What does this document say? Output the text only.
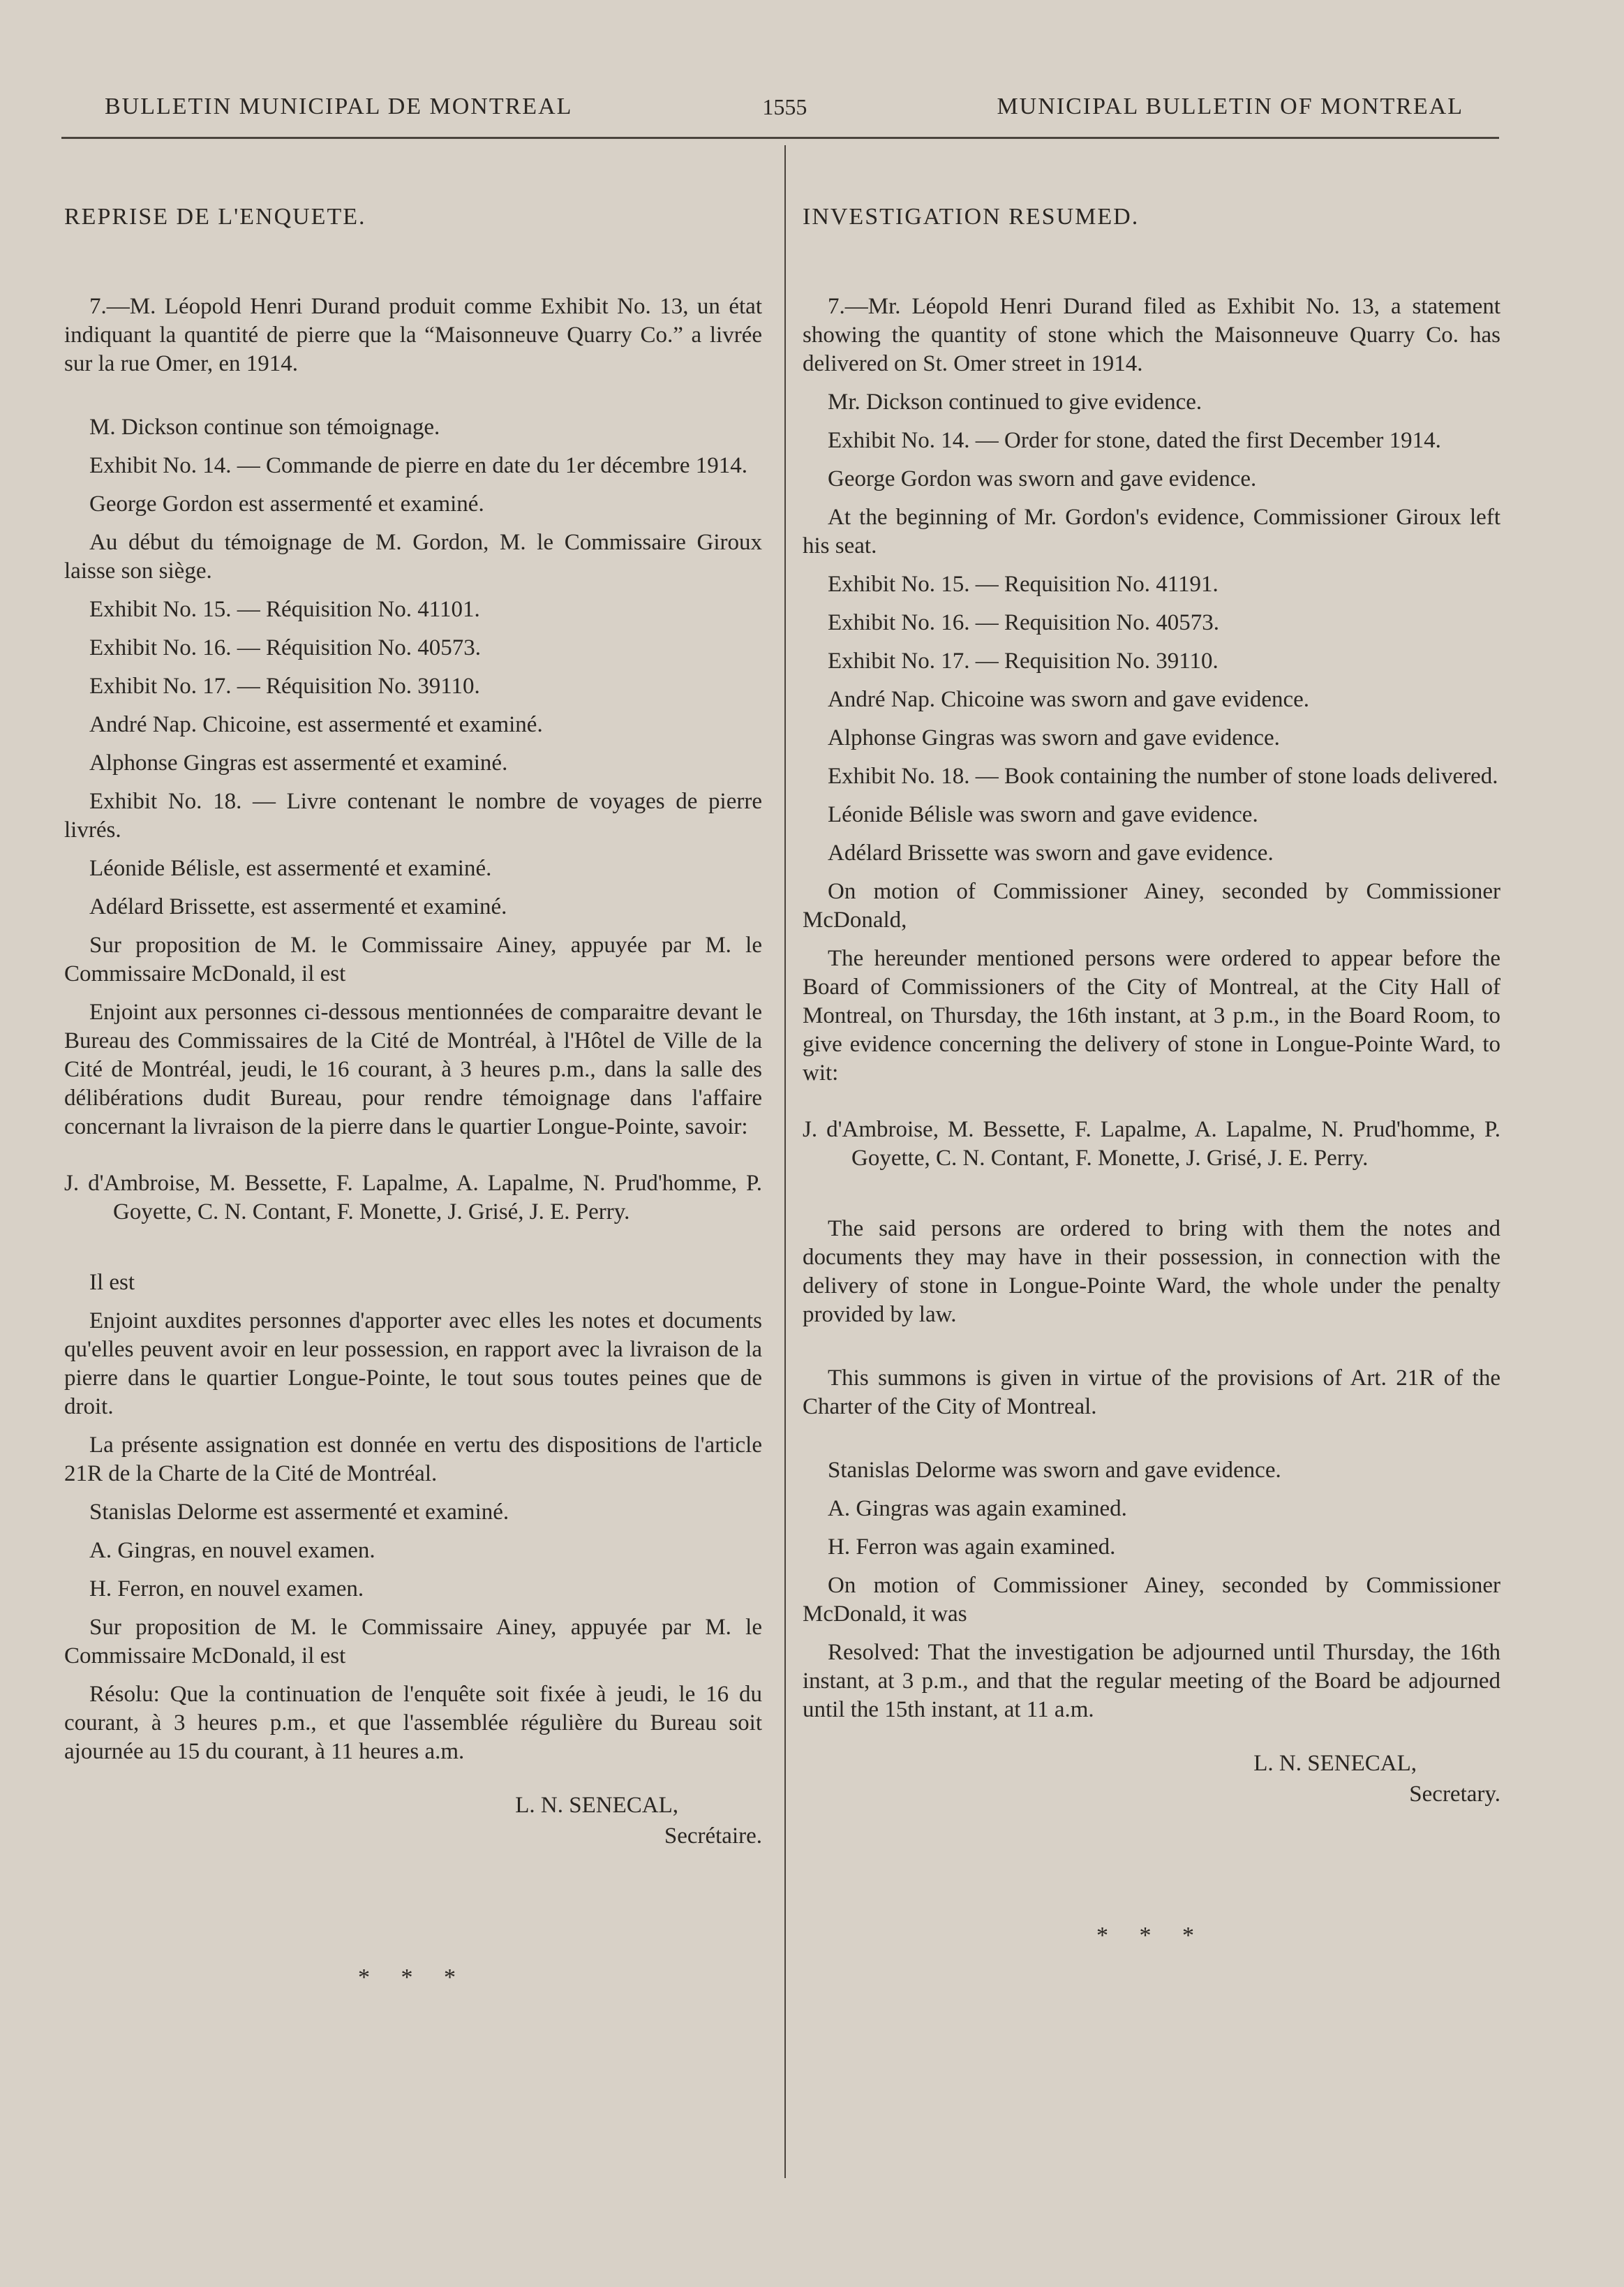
BULLETIN MUNICIPAL DE MONTREAL	1555	MUNICIPAL BULLETIN OF MONTREAL
REPRISE DE L'ENQUETE.

7.—M. Léopold Henri Durand produit comme Exhibit No. 13, un état indiquant la quantité de pierre que la “Maisonneuve Quarry Co.” a livrée sur la rue Omer, en 1914.

M. Dickson continue son témoignage.

Exhibit No. 14. — Commande de pierre en date du 1er décembre 1914.

George Gordon est assermenté et examiné.

Au début du témoignage de M. Gordon, M. le Commissaire Giroux laisse son siège.

Exhibit No. 15. — Réquisition No. 41101.

Exhibit No. 16. — Réquisition No. 40573.

Exhibit No. 17. — Réquisition No. 39110.

André Nap. Chicoine, est assermenté et examiné.

Alphonse Gingras est assermenté et examiné.

Exhibit No. 18. — Livre contenant le nombre de voyages de pierre livrés.

Léonide Bélisle, est assermenté et examiné.

Adélard Brissette, est assermenté et examiné.

Sur proposition de M. le Commissaire Ainey, appuyée par M. le Commissaire McDonald, il est

Enjoint aux personnes ci-dessous mentionnées de comparaitre devant le Bureau des Commissaires de la Cité de Montréal, à l'Hôtel de Ville de la Cité de Montréal, jeudi, le 16 courant, à 3 heures p.m., dans la salle des délibérations dudit Bureau, pour rendre témoignage dans l'affaire concernant la livraison de la pierre dans le quartier Longue-Pointe, savoir:

J. d'Ambroise, M. Bessette, F. Lapalme, A. Lapalme, N. Prud'homme, P. Goyette, C. N. Contant, F. Monette, J. Grisé, J. E. Perry.

Il est

Enjoint auxdites personnes d'apporter avec elles les notes et documents qu'elles peuvent avoir en leur possession, en rapport avec la livraison de la pierre dans le quartier Longue-Pointe, le tout sous toutes peines que de droit.

La présente assignation est donnée en vertu des dispositions de l'article 21R de la Charte de la Cité de Montréal.

Stanislas Delorme est assermenté et examiné.

A. Gingras, en nouvel examen.

H. Ferron, en nouvel examen.

Sur proposition de M. le Commissaire Ainey, appuyée par M. le Commissaire McDonald, il est

Résolu: Que la continuation de l'enquête soit fixée à jeudi, le 16 du courant, à 3 heures p.m., et que l'assemblée régulière du Bureau soit ajournée au 15 du courant, à 11 heures a.m.

L. N. SENECAL,
Secrétaire.
* * *
INVESTIGATION RESUMED.

7.—Mr. Léopold Henri Durand filed as Exhibit No. 13, a statement showing the quantity of stone which the Maisonneuve Quarry Co. has delivered on St. Omer street in 1914.

Mr. Dickson continued to give evidence.

Exhibit No. 14. — Order for stone, dated the first December 1914.

George Gordon was sworn and gave evidence.

At the beginning of Mr. Gordon's evidence, Commissioner Giroux left his seat.

Exhibit No. 15. — Requisition No. 41191.

Exhibit No. 16. — Requisition No. 40573.

Exhibit No. 17. — Requisition No. 39110.

André Nap. Chicoine was sworn and gave evidence.

Alphonse Gingras was sworn and gave evidence.

Exhibit No. 18. — Book containing the number of stone loads delivered.

Léonide Bélisle was sworn and gave evidence.

Adélard Brissette was sworn and gave evidence.

On motion of Commissioner Ainey, seconded by Commissioner McDonald,

The hereunder mentioned persons were ordered to appear before the Board of Commissioners of the City of Montreal, at the City Hall of Montreal, on Thursday, the 16th instant, at 3 p.m., in the Board Room, to give evidence concerning the delivery of stone in Longue-Pointe Ward, to wit:

J. d'Ambroise, M. Bessette, F. Lapalme, A. Lapalme, N. Prud'homme, P. Goyette, C. N. Contant, F. Monette, J. Grisé, J. E. Perry.

The said persons are ordered to bring with them the notes and documents they may have in their possession, in connection with the delivery of stone in Longue-Pointe Ward, the whole under the penalty provided by law.

This summons is given in virtue of the provisions of Art. 21R of the Charter of the City of Montreal.

Stanislas Delorme was sworn and gave evidence.

A. Gingras was again examined.

H. Ferron was again examined.

On motion of Commissioner Ainey, seconded by Commissioner McDonald, it was

Resolved: That the investigation be adjourned until Thursday, the 16th instant, at 3 p.m., and that the regular meeting of the Board be adjourned until the 15th instant, at 11 a.m.

L. N. SENECAL,
Secretary.
* * *
